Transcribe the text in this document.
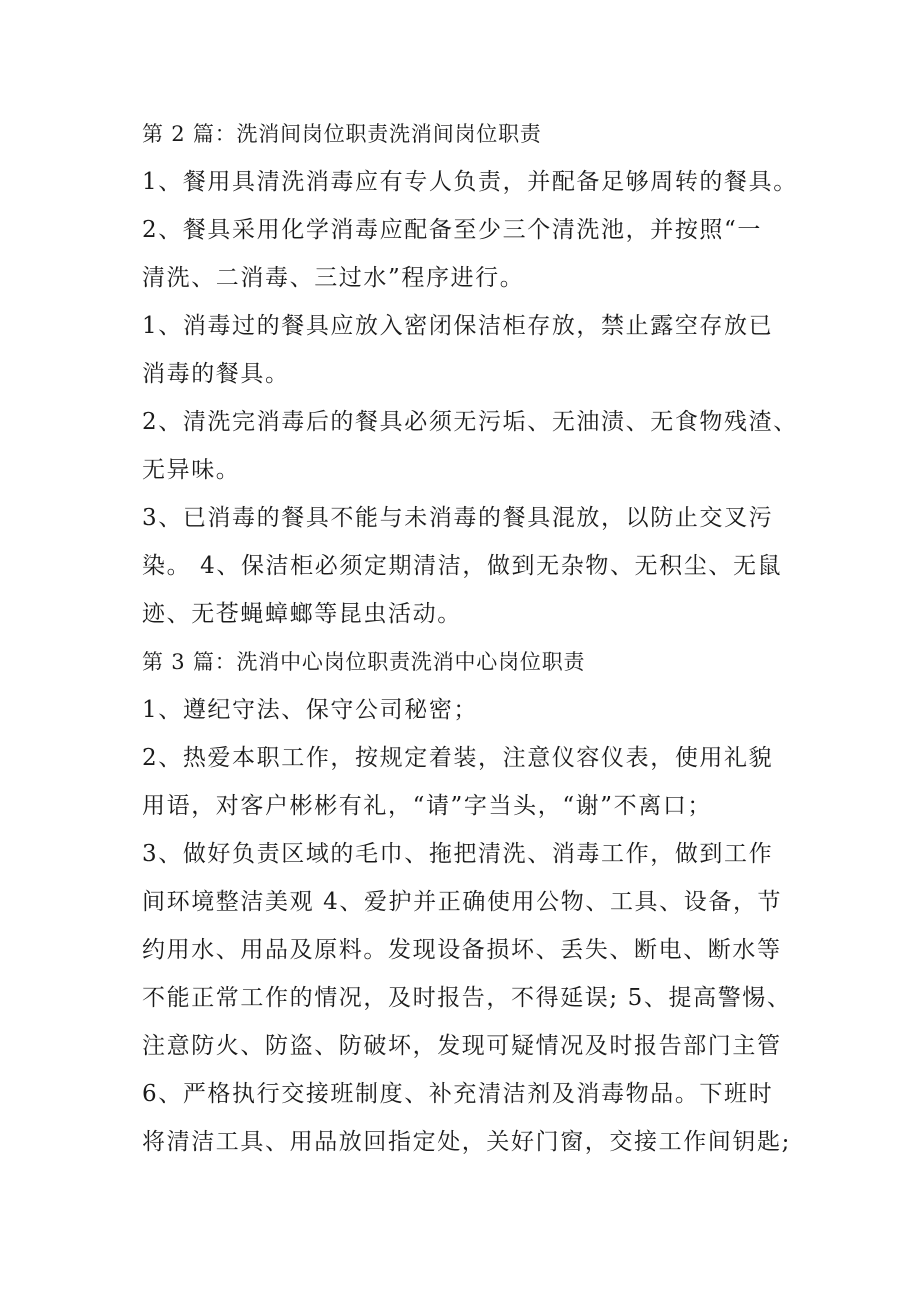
第 2 篇：洗消间岗位职责洗消间岗位职责
1、餐用具清洗消毒应有专人负责，并配备足够周转的餐具。
2、餐具采用化学消毒应配备至少三个清洗池，并按照“一
清洗、二消毒、三过水”程序进行。
1、消毒过的餐具应放入密闭保洁柜存放，禁止露空存放已
消毒的餐具。
2、清洗完消毒后的餐具必须无污垢、无油渍、无食物残渣、
无异味。
3、已消毒的餐具不能与未消毒的餐具混放，以防止交叉污
染。 4、保洁柜必须定期清洁，做到无杂物、无积尘、无鼠
迹、无苍蝇蟑螂等昆虫活动。
第 3 篇：洗消中心岗位职责洗消中心岗位职责
1、遵纪守法、保守公司秘密；
2、热爱本职工作，按规定着装，注意仪容仪表，使用礼貌
用语，对客户彬彬有礼，“请”字当头，“谢”不离口；
3、做好负责区域的毛巾、拖把清洗、消毒工作，做到工作
间环境整洁美观 4、爱护并正确使用公物、工具、设备，节
约用水、用品及原料。发现设备损坏、丢失、断电、断水等
不能正常工作的情况，及时报告，不得延误; 5、提高警惕、
注意防火、防盗、防破坏，发现可疑情况及时报告部门主管
6、严格执行交接班制度、补充清洁剂及消毒物品。下班时
将清洁工具、用品放回指定处，关好门窗，交接工作间钥匙;
